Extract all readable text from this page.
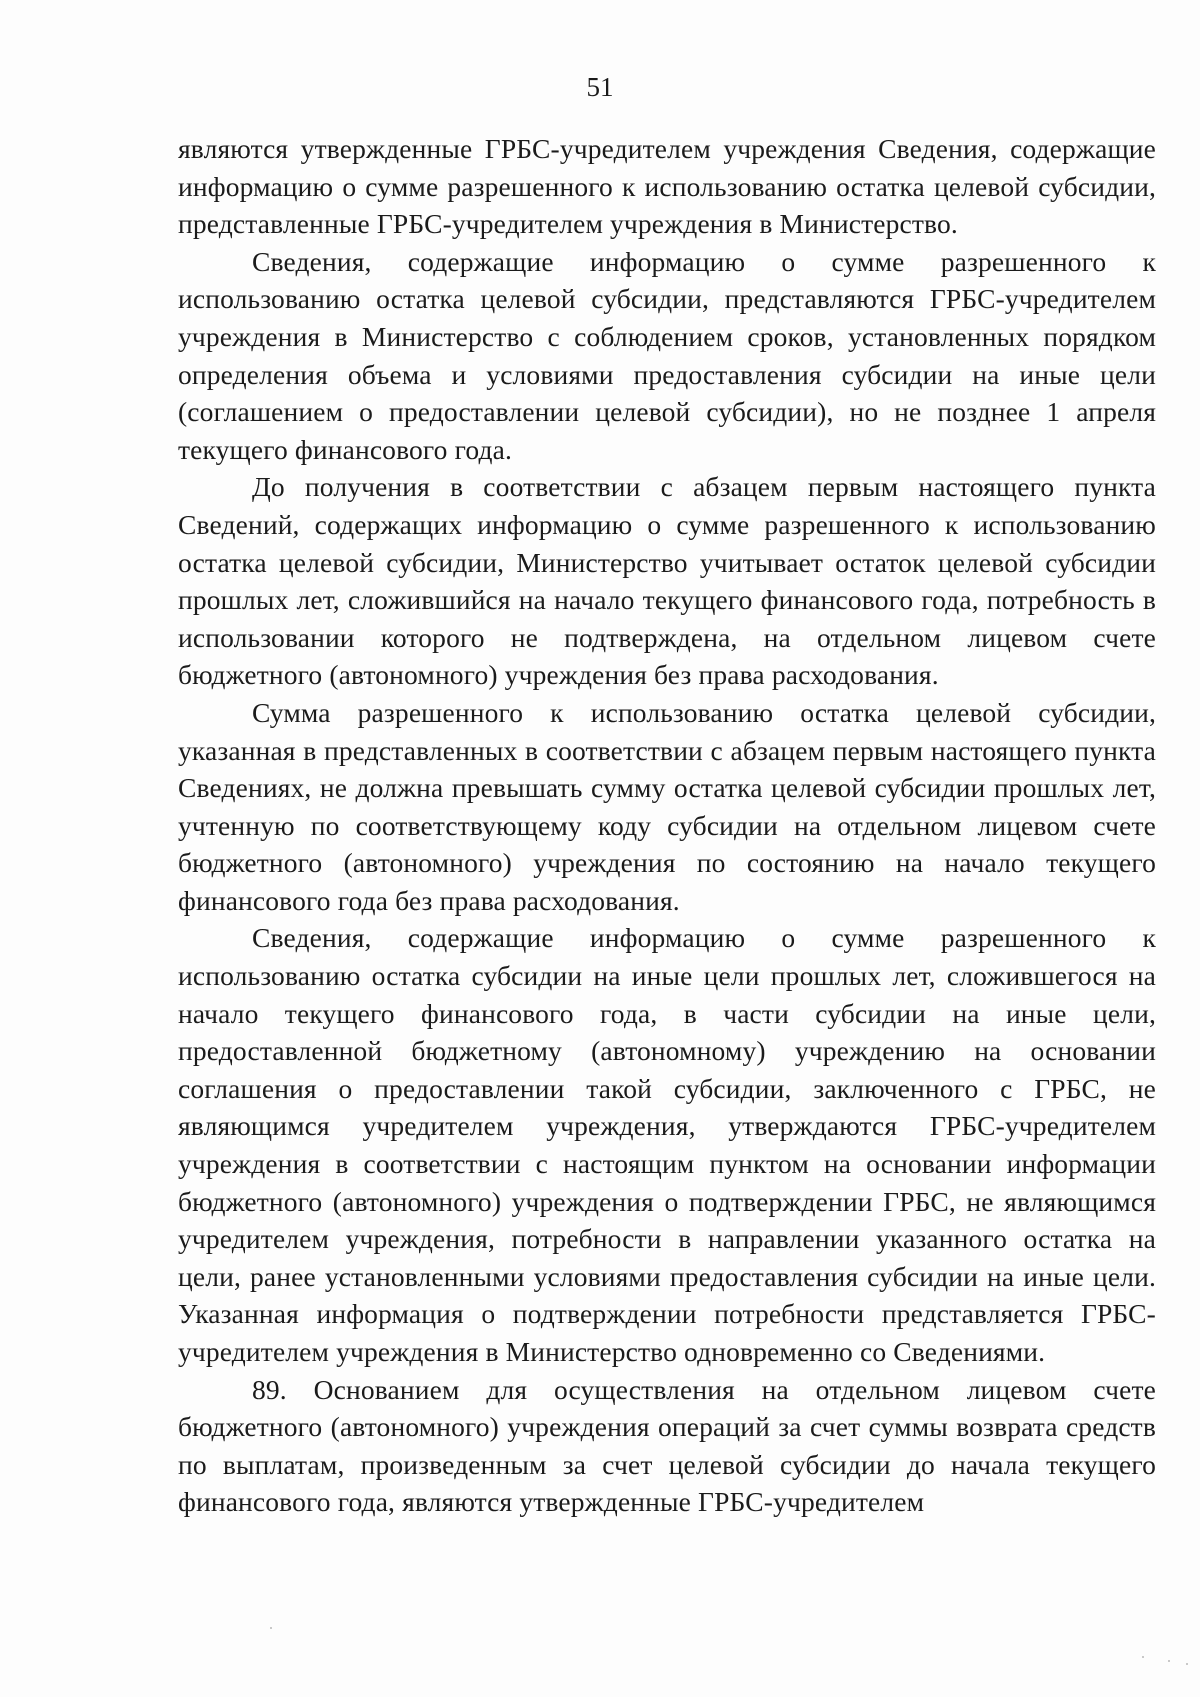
51

являются утвержденные ГРБС-учредителем учреждения Сведения, содержащие информацию о сумме разрешенного к использованию остатка целевой субсидии, представленные ГРБС-учредителем учреждения в Министерство.

Сведения, содержащие информацию о сумме разрешенного к использованию остатка целевой субсидии, представляются ГРБС-учредителем учреждения в Министерство с соблюдением сроков, установленных порядком определения объема и условиями предоставления субсидии на иные цели (соглашением о предоставлении целевой субсидии), но не позднее 1 апреля текущего финансового года.

До получения в соответствии с абзацем первым настоящего пункта Сведений, содержащих информацию о сумме разрешенного к использованию остатка целевой субсидии, Министерство учитывает остаток целевой субсидии прошлых лет, сложившийся на начало текущего финансового года, потребность в использовании которого не подтверждена, на отдельном лицевом счете бюджетного (автономного) учреждения без права расходования.

Сумма разрешенного к использованию остатка целевой субсидии, указанная в представленных в соответствии с абзацем первым настоящего пункта Сведениях, не должна превышать сумму остатка целевой субсидии прошлых лет, учтенную по соответствующему коду субсидии на отдельном лицевом счете бюджетного (автономного) учреждения по состоянию на начало текущего финансового года без права расходования.

Сведения, содержащие информацию о сумме разрешенного к использованию остатка субсидии на иные цели прошлых лет, сложившегося на начало текущего финансового года, в части субсидии на иные цели, предоставленной бюджетному (автономному) учреждению на основании соглашения о предоставлении такой субсидии, заключенного с ГРБС, не являющимся учредителем учреждения, утверждаются ГРБС-учредителем учреждения в соответствии с настоящим пунктом на основании информации бюджетного (автономного) учреждения о подтверждении ГРБС, не являющимся учредителем учреждения, потребности в направлении указанного остатка на цели, ранее установленными условиями предоставления субсидии на иные цели. Указанная информация о подтверждении потребности представляется ГРБС-учредителем учреждения в Министерство одновременно со Сведениями.

89. Основанием для осуществления на отдельном лицевом счете бюджетного (автономного) учреждения операций за счет суммы возврата средств по выплатам, произведенным за счет целевой субсидии до начала текущего финансового года, являются утвержденные ГРБС-учредителем
